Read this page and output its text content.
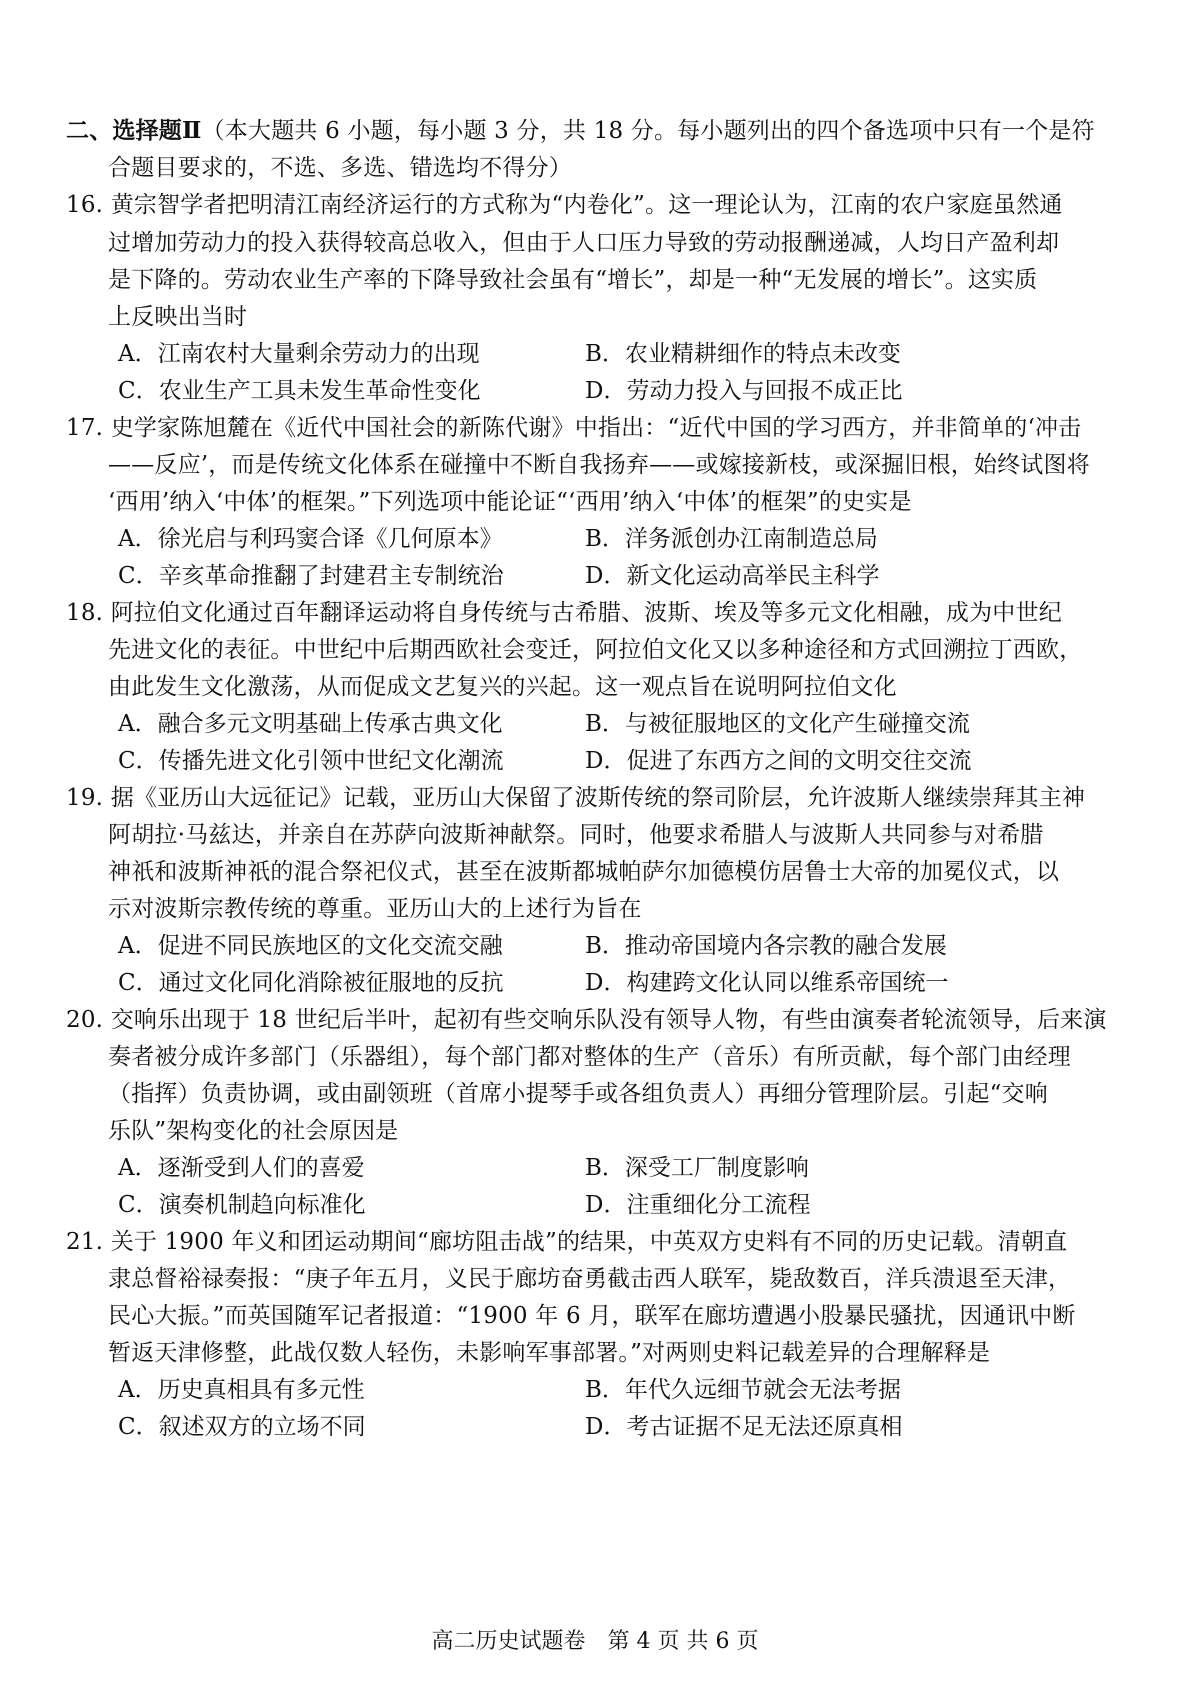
二、选择题Ⅱ（本大题共 6 小题，每小题 3 分，共 18 分。每小题列出的四个备选项中只有一个是符
合题目要求的，不选、多选、错选均不得分）
16. 黄宗智学者把明清江南经济运行的方式称为“内卷化”。这一理论认为，江南的农户家庭虽然通
过增加劳动力的投入获得较高总收入，但由于人口压力导致的劳动报酬递减，人均日产盈利却
是下降的。劳动农业生产率的下降导致社会虽有“增长”，却是一种“无发展的增长”。这实质
上反映出当时
A．江南农村大量剩余劳动力的出现	B．农业精耕细作的特点未改变
C．农业生产工具未发生革命性变化	D．劳动力投入与回报不成正比
17. 史学家陈旭麓在《近代中国社会的新陈代谢》中指出：“近代中国的学习西方，并非简单的‘冲击
——反应’，而是传统文化体系在碰撞中不断自我扬弃——或嫁接新枝，或深掘旧根，始终试图将
‘西用’纳入‘中体’的框架。”下列选项中能论证“‘西用’纳入‘中体’的框架”的史实是
A．徐光启与利玛窦合译《几何原本》	B．洋务派创办江南制造总局
C．辛亥革命推翻了封建君主专制统治	D．新文化运动高举民主科学
18. 阿拉伯文化通过百年翻译运动将自身传统与古希腊、波斯、埃及等多元文化相融，成为中世纪
先进文化的表征。中世纪中后期西欧社会变迁，阿拉伯文化又以多种途径和方式回溯拉丁西欧，
由此发生文化激荡，从而促成文艺复兴的兴起。这一观点旨在说明阿拉伯文化
A．融合多元文明基础上传承古典文化	B．与被征服地区的文化产生碰撞交流
C．传播先进文化引领中世纪文化潮流	D．促进了东西方之间的文明交往交流
19. 据《亚历山大远征记》记载，亚历山大保留了波斯传统的祭司阶层，允许波斯人继续崇拜其主神
阿胡拉·马兹达，并亲自在苏萨向波斯神献祭。同时，他要求希腊人与波斯人共同参与对希腊
神祇和波斯神祇的混合祭祀仪式，甚至在波斯都城帕萨尔加德模仿居鲁士大帝的加冕仪式，以
示对波斯宗教传统的尊重。亚历山大的上述行为旨在
A．促进不同民族地区的文化交流交融	B．推动帝国境内各宗教的融合发展
C．通过文化同化消除被征服地的反抗	D．构建跨文化认同以维系帝国统一
20. 交响乐出现于 18 世纪后半叶，起初有些交响乐队没有领导人物，有些由演奏者轮流领导，后来演
奏者被分成许多部门（乐器组），每个部门都对整体的生产（音乐）有所贡献，每个部门由经理
（指挥）负责协调，或由副领班（首席小提琴手或各组负责人）再细分管理阶层。引起“交响
乐队”架构变化的社会原因是
A．逐渐受到人们的喜爱	B．深受工厂制度影响
C．演奏机制趋向标准化	D．注重细化分工流程
21. 关于 1900 年义和团运动期间“廊坊阻击战”的结果，中英双方史料有不同的历史记载。清朝直
隶总督裕禄奏报：“庚子年五月，义民于廊坊奋勇截击西人联军，毙敌数百，洋兵溃退至天津，
民心大振。”而英国随军记者报道：“1900 年 6 月，联军在廊坊遭遇小股暴民骚扰，因通讯中断
暂返天津修整，此战仅数人轻伤，未影响军事部署。”对两则史料记载差异的合理解释是
A．历史真相具有多元性	B．年代久远细节就会无法考据
C．叙述双方的立场不同	D．考古证据不足无法还原真相
高二历史试题卷　第 4 页 共 6 页
